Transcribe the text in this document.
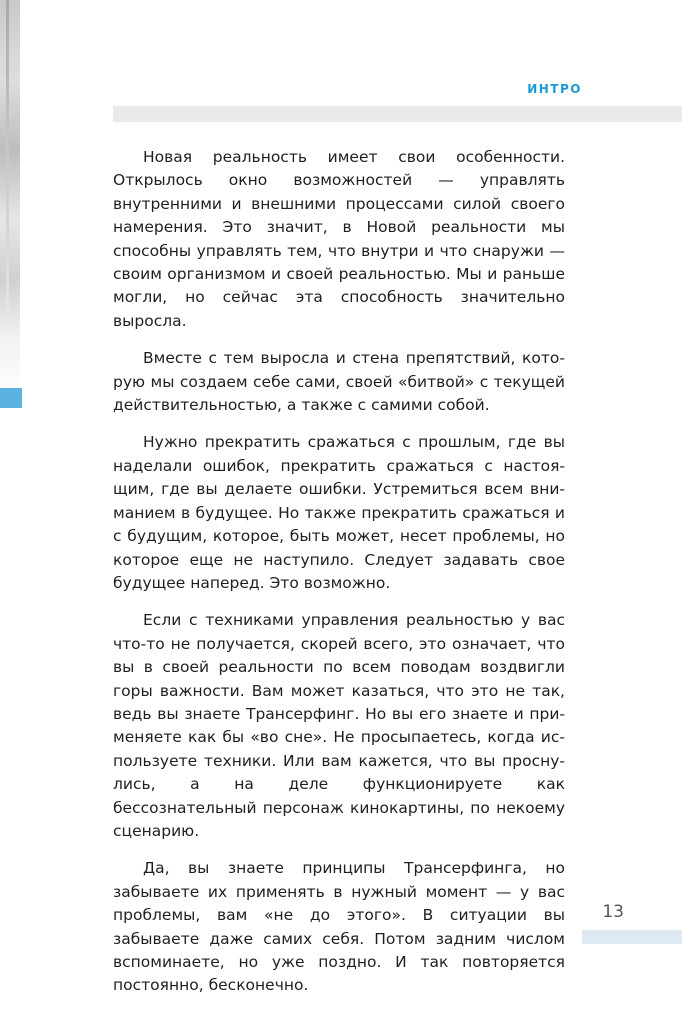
ИНТРО

Новая реальность имеет свои особенности. Открылось окно возможностей — управлять внутренними и внешними процессами силой своего намерения. Это значит, в Новой реальности мы способны управлять тем, что внутри и что снаружи — своим организмом и своей реальностью. Мы и раньше могли, но сейчас эта способность значительно выросла.

Вместе с тем выросла и стена препятствий, которую мы создаем себе сами, своей «битвой» с текущей действительностью, а также с самими собой.

Нужно прекратить сражаться с прошлым, где вы наделали ошибок, прекратить сражаться с настоящим, где вы делаете ошибки. Устремиться всем вниманием в будущее. Но также прекратить сражаться и с будущим, которое, быть может, несет проблемы, но которое еще не наступило. Следует задавать свое будущее наперед. Это возможно.

Если с техниками управления реальностью у вас что-то не получается, скорей всего, это означает, что вы в своей реальности по всем поводам воздвигли горы важности. Вам может казаться, что это не так, ведь вы знаете Трансерфинг. Но вы его знаете и применяете как бы «во сне». Не просыпаетесь, когда используете техники. Или вам кажется, что вы проснулись, а на деле функционируете как бессознательный персонаж кинокартины, по некоему сценарию.

Да, вы знаете принципы Трансерфинга, но забываете их применять в нужный момент — у вас проблемы, вам «не до этого». В ситуации вы забываете даже самих себя. Потом задним числом вспоминаете, но уже поздно. И так повторяется постоянно, бесконечно.

13
